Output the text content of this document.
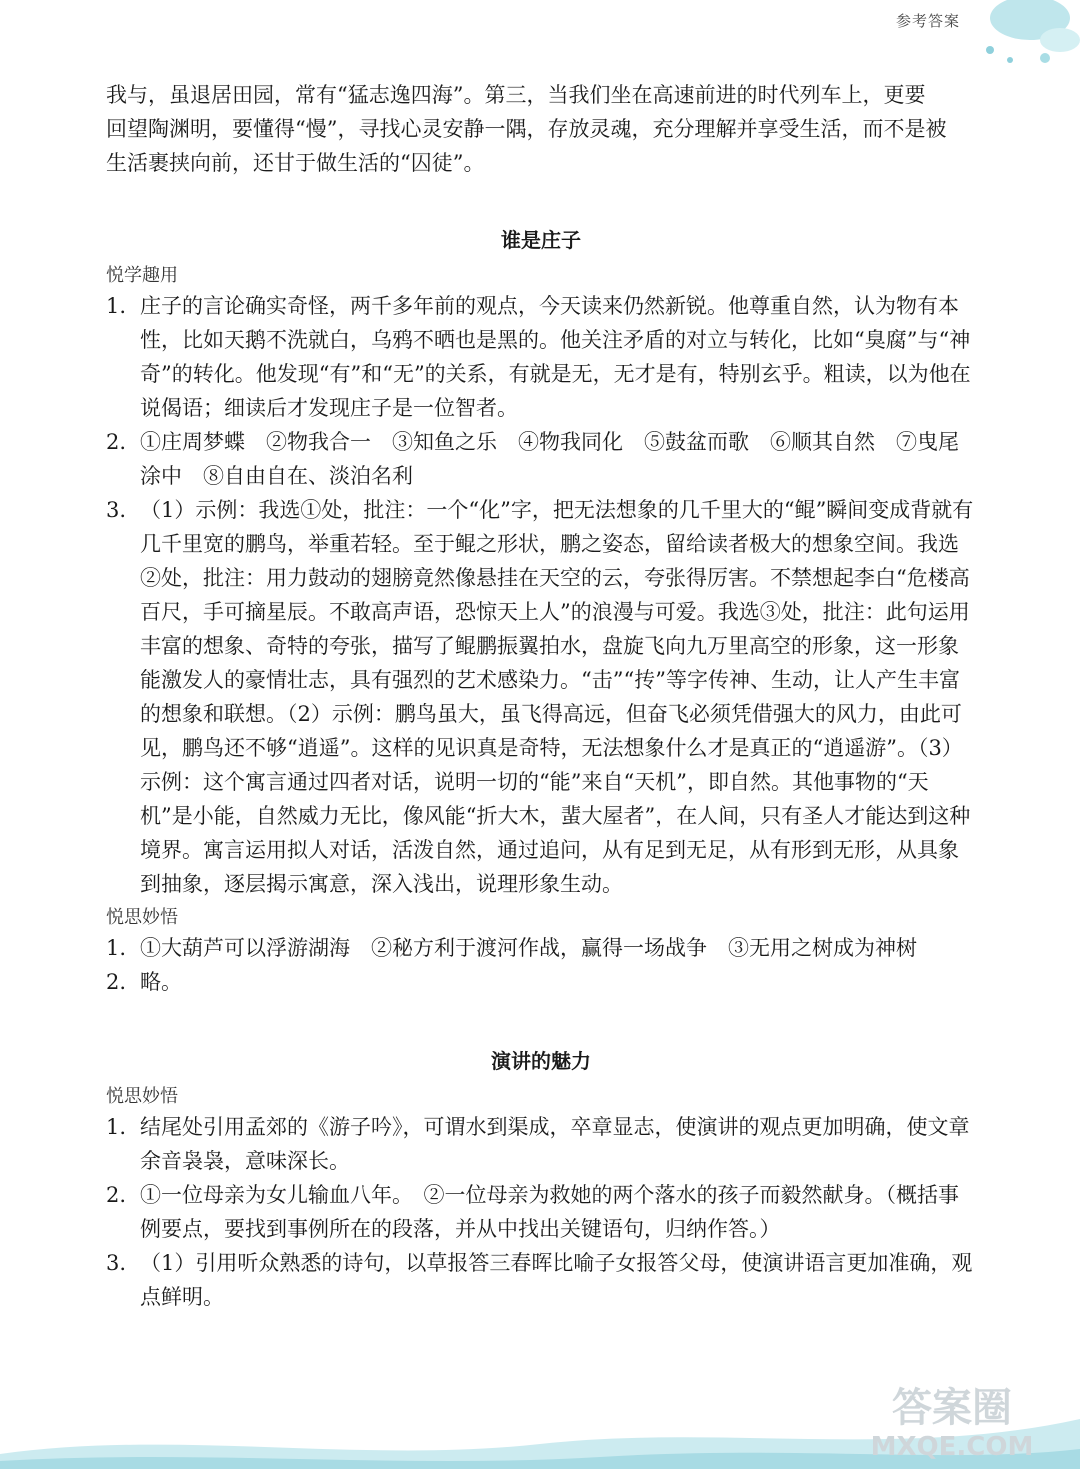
参考答案

我与，虽退居田园，常有“猛志逸四海”。第三，当我们坐在高速前进的时代列车上，更要

回望陶渊明，要懂得“慢”，寻找心灵安静一隅，存放灵魂，充分理解并享受生活，而不是被

生活裹挟向前，还甘于做生活的“囚徒”。

谁是庄子
悦学趣用
1. 庄子的言论确实奇怪，两千多年前的观点，今天读来仍然新锐。他尊重自然，认为物有本性，比如天鹅不洗就白，乌鸦不晒也是黑的。他关注矛盾的对立与转化，比如“臭腐”与“神奇”的转化。他发现“有”和“无”的关系，有就是无，无才是有，特别玄乎。粗读，以为他在说偈语；细读后才发现庄子是一位智者。
2. ①庄周梦蝶　②物我合一　③知鱼之乐　④物我同化　⑤鼓盆而歌　⑥顺其自然　⑦曳尾涂中　⑧自由自在、淡泊名利
3. （1）示例：我选①处，批注：一个“化”字，把无法想象的几千里大的“鲲”瞬间变成背就有几千里宽的鹏鸟，举重若轻。至于鲲之形状，鹏之姿态，留给读者极大的想象空间。我选②处，批注：用力鼓动的翅膀竟然像悬挂在天空的云，夸张得厉害。不禁想起李白“危楼高百尺，手可摘星辰。不敢高声语，恐惊天上人”的浪漫与可爱。我选③处，批注：此句运用丰富的想象、奇特的夸张，描写了鲲鹏振翼拍水，盘旋飞向九万里高空的形象，这一形象能激发人的豪情壮志，具有强烈的艺术感染力。“击”“抟”等字传神、生动，让人产生丰富的想象和联想。（2）示例：鹏鸟虽大，虽飞得高远，但奋飞必须凭借强大的风力，由此可见，鹏鸟还不够“逍遥”。这样的见识真是奇特，无法想象什么才是真正的“逍遥游”。（3）示例：这个寓言通过四者对话，说明一切的“能”来自“天机”，即自然。其他事物的“天机”是小能，自然威力无比，像风能“折大木，蜚大屋者”，在人间，只有圣人才能达到这种境界。寓言运用拟人对话，活泼自然，通过追问，从有足到无足，从有形到无形，从具象到抽象，逐层揭示寓意，深入浅出，说理形象生动。
悦思妙悟
1. ①大葫芦可以浮游湖海　②秘方利于渡河作战，赢得一场战争　③无用之树成为神树
2. 略。
演讲的魅力
悦思妙悟
1. 结尾处引用孟郊的《游子吟》，可谓水到渠成，卒章显志，使演讲的观点更加明确，使文章余音袅袅，意味深长。
2. ①一位母亲为女儿输血八年。　②一位母亲为救她的两个落水的孩子而毅然献身。（概括事例要点，要找到事例所在的段落，并从中找出关键语句，归纳作答。）
3. （1）引用听众熟悉的诗句，以草报答三春晖比喻子女报答父母，使演讲语言更加准确，观点鲜明。
答案圈
MXQE.COM
